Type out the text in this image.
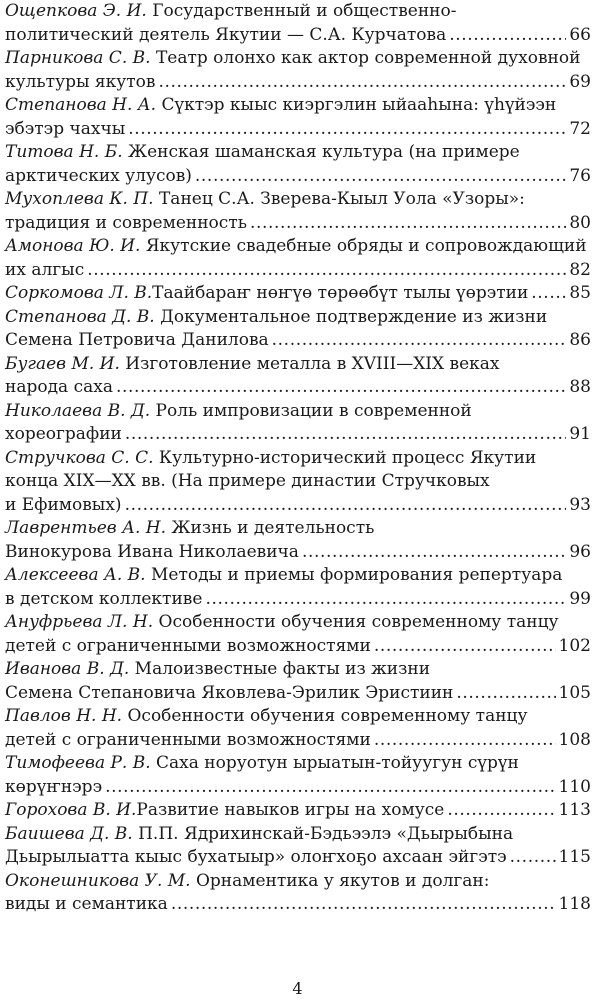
Ощепкова Э. И. Государственный и общественно-
политический деятель Якутии — С.А. Курчатова . . .	66
Парникова С. В. Театр олонхо как актор современной духовной
культуры якутов . . .	69
Степанова Н. А. Сүктэр кыыс киэргэлин ыйааһына: үһүйээн
эбэтэр чахчы . . .	72
Титова Н. Б. Женская шаманская культура (на примере
арктических улусов) . . .	76
Мухоплева К. П. Танец С.А. Зверева-Кыыл Уола «Узоры»:
традиция и современность . . .	80
Амонова Ю. И. Якутские свадебные обряды и сопровождающий
их алгыс . . .	82
Соркомова Л. В. Таайбараҥ нөҥүө төрөөбүт тылы үөрэтии . . . 85
Степанова Д. В. Документальное подтверждение из жизни
Семена Петровича Данилова . . .	86
Бугаев М. И. Изготовление металла в XVIII—XIX веках
народа саха . . .	88
Николаева В. Д. Роль импровизации в современной
хореографии . . .	91
Стручкова С. С. Культурно-исторический процесс Якутии
конца XIX—XX вв. (На примере династии Стручковых
и Ефимовых) . . .	93
Лаврентьев А. Н. Жизнь и деятельность
Винокурова Ивана Николаевича . . .	96
Алексеева А. В. Методы и приемы формирования репертуара
в детском коллективе . . .	99
Ануфрьева Л. Н. Особенности обучения современному танцу
детей с ограниченными возможностями . . .	102
Иванова В. Д. Малоизвестные факты из жизни
Семена Степановича Яковлева-Эрилик Эристиин . . .	105
Павлов Н. Н. Особенности обучения современному танцу
детей с ограниченными возможностями . . .	108
Тимофеева Р. В. Саха норуотун ырыатын-тойуугун сүрүн
көрүҥнэрэ . . .	110
Горохова В. И. Развитие навыков игры на хомусе . . .	113
Баишева Д. В. П.П. Ядрихинскай-Бэдьээлэ «Дьырыбына
Дьырылыатта кыыс бухатыыр» олоҥхоҕо ахсаан эйгэтэ . . .	115
Оконешникова У. М. Орнаментика у якутов и долган:
виды и семантика . . .	118
4
